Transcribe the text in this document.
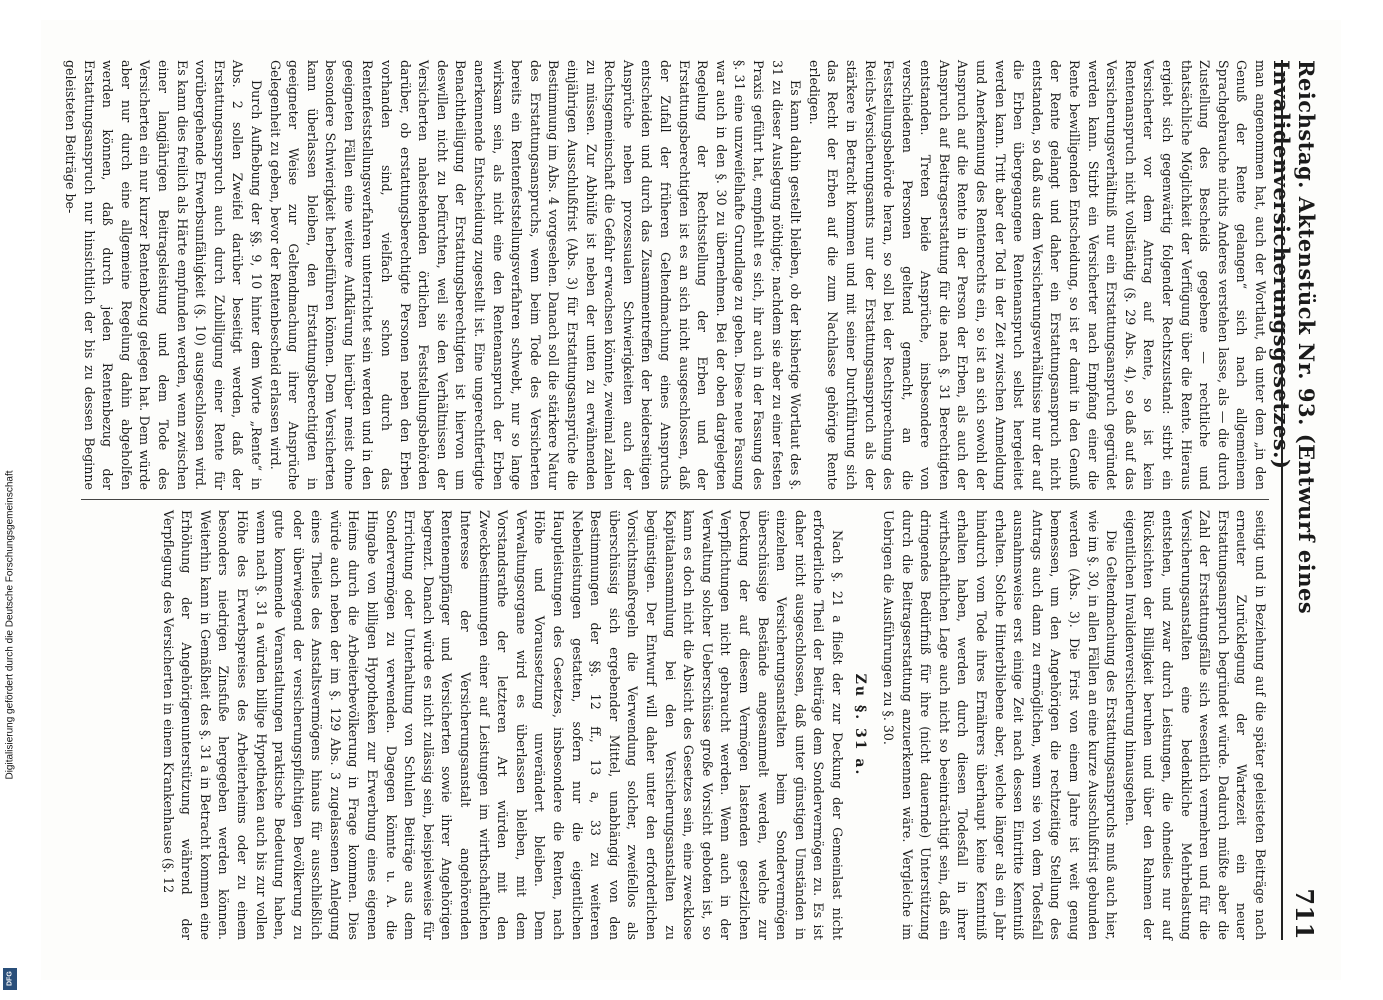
Reichstag. Aktenstück Nr. 93. (Entwurf eines Invalidenversicherungsgesetzes.)
711

man angenommen hat, auch der Wortlaut, da unter dem „in den Genuß der Rente gelangen“ sich nach allgemeinem Sprachgebrauche nichts Anderes verstehen lasse, als — die durch Zustellung des Bescheids gegebene — rechtliche und thatsächliche Möglichkeit der Verfügung über die Rente. Hieraus ergiebt sich gegenwärtig folgender Rechtszustand: stirbt ein Versicherter vor dem Antrag auf Rente, so ist kein Rentenanspruch nicht vollständig (§. 29 Abs. 4), so daß auf das Versicherungsverhältniß nur ein Erstattungsanspruch gegründet werden kann. Stirbt ein Versicherter nach Empfang einer die Rente bewilligenden Entscheidung, so ist er damit in den Genuß der Rente gelangt und daher ein Erstattungsanspruch nicht entstanden, so daß aus dem Versicherungsverhältnisse nur der auf die Erben übergegangene Rentenanspruch selbst hergeleitet werden kann. Tritt aber der Tod in der Zeit zwischen Anmeldung und Anerkennung des Rentenrechts ein, so ist an sich sowohl der Anspruch auf die Rente in der Person der Erben, als auch der Anspruch auf Beitragserstattung für die nach §. 31 Berechtigten entstanden. Treten beide Ansprüche, insbesondere von verschiedenen Personen geltend gemacht, an die Feststellungsbehörde heran, so soll bei der Rechtsprechung des Reichs-Versicherungsamts nur der Erstattungsanspruch als der stärkere in Betracht kommen und mit seiner Durchführung sich das Recht der Erben auf die zum Nachlasse gehörige Rente erledigen.

Es kann dahin gestellt bleiben, ob der bisherige Wortlaut des §. 31 zu dieser Auslegung nöthigte; nachdem sie aber zu einer festen Praxis geführt hat, empfiehlt es sich, ihr auch in der Fassung des §. 31 eine unzweifelhafte Grundlage zu geben. Diese neue Fassung war auch in den §. 30 zu übernehmen. Bei der oben dargelegten Regelung der Rechtsstellung der Erben und der Erstattungsberechtigten ist es an sich nicht ausgeschlossen, daß der Zufall der früheren Geltendmachung eines Anspruchs entscheiden und durch das Zusammentreffen der beiderseitigen Ansprüche neben prozessualen Schwierigkeiten auch der Rechtsgemeinschaft die Gefahr erwachsen könnte, zweimal zahlen zu müssen. Zur Abhülfe ist neben der unten zu erwähnenden einjährigen Ausschlußfrist (Abs. 3) für Erstattungsansprüche die Bestimmung im Abs. 4 vorgesehen. Danach soll die stärkere Natur des Erstattungsanspruchs, wenn beim Tode des Versicherten bereits ein Rentenfeststellungsverfahren schwebt, nur so lange wirksam sein, als nicht eine den Rentenanspruch der Erben anerkennende Entscheidung zugestellt ist. Eine ungerechtfertigte Benachtheiligung der Erstattungsberechtigten ist hiervon um deswillen nicht zu befürchten, weil sie den Verhältnissen der Versicherten nahestehenden örtlichen Feststellungsbehörden darüber, ob erstattungsberechtigte Personen neben den Erben vorhanden sind, vielfach schon durch das Rentenfeststellungsverfahren unterrichtet sein werden und in den geeigneten Fällen eine weitere Aufklärung hierüber meist ohne besondere Schwierigkeit herbeiführen können. Dem Versicherten kann überlassen bleiben, den Erstattungsberechtigten in geeigneter Weise zur Geltendmachung ihrer Ansprüche Gelegenheit zu geben, bevor der Rentenbescheid erlassen wird.

Durch Aufhebung der §§. 9, 10 hinter dem Worte „Rente“ in Abs. 2 sollen Zweifel darüber beseitigt werden, daß der Erstattungsanspruch auch durch Zubilligung einer Rente für vorübergehende Erwerbsunfähigkeit (§. 10) ausgeschlossen wird. Es kann dies freilich als Härte empfunden werden, wenn zwischen einer langjährigen Beitragsleistung und dem Tode des Versicherten ein nur kurzer Rentenbezug gelegen hat. Dem würde aber nur durch eine allgemeine Regelung dahin abgeholfen werden können, daß durch jeden Rentenbezug der Erstattungsanspruch nur hinsichtlich der bis zu dessen Beginne geleisteten Beiträge be-

seitigt und in Beziehung auf die später geleisteten Beiträge nach erneuter Zurücklegung der Wartezeit ein neuer Erstattungsanspruch begründet würde. Dadurch müßte aber die Zahl der Erstattungsfälle sich wesentlich vermehren und für die Versicherungsanstalten eine bedenkliche Mehrbelastung entstehen, und zwar durch Leistungen, die ohnedies nur auf Rücksichten der Billigkeit beruhen und über den Rahmen der eigentlichen Invalidenversicherung hinausgehen.

Die Geltendmachung des Erstattungsanspruchs muß auch hier, wie im §. 30, in allen Fällen an eine kurze Ausschlußfrist gebunden werden (Abs. 3). Die Frist von einem Jahre ist weit genug bemessen, um den Angehörigen die rechtzeitige Stellung des Antrags auch dann zu ermöglichen, wenn sie von dem Todesfall ausnahmsweise erst einige Zeit nach dessen Eintritte Kenntniß erhalten. Solche Hinterbliebene aber, welche länger als ein Jahr hindurch vom Tode ihres Ernährers überhaupt keine Kenntniß erhalten haben, werden durch diesen Todesfall in ihrer wirthschaftlichen Lage auch nicht so beeinträchtigt sein, daß ein dringendes Bedürfniß für ihre (nicht dauernde) Unterstützung durch die Beitragserstattung anzuerkennen wäre. Vergleiche im Uebrigen die Ausführungen zu §. 30.

Zu §. 31 a.

Nach §. 21 a fließt der zur Deckung der Gemeinlast nicht erforderliche Theil der Beiträge dem Sondervermögen zu. Es ist daher nicht ausgeschlossen, daß unter günstigen Umständen in einzelnen Versicherungsanstalten beim Sondervermögen überschüssige Bestände angesammelt werden, welche zur Deckung der auf diesem Vermögen lastenden gesetzlichen Verpflichtungen nicht gebraucht werden. Wenn auch in der Verwaltung solcher Ueberschüsse große Vorsicht geboten ist, so kann es doch nicht die Absicht des Gesetzes sein, eine zwecklose Kapitalansammlung bei den Versicherungsanstalten zu begünstigen. Der Entwurf will daher unter den erforderlichen Vorsichtsmaßregeln die Verwendung solcher, zweifellos als überschüssig sich ergebender Mittel, unabhängig von den Bestimmungen der §§. 12 ff., 13 a, 33 zu weiteren Nebenleistungen gestatten, sofern nur die eigentlichen Hauptleistungen des Gesetzes, insbesondere die Renten, nach Höhe und Voraussetzung unverändert bleiben. Dem Verwaltungsorgane wird es überlassen bleiben, mit dem Vorstandsrathe der letzteren Art würden mit den Zweckbestimmungen einer auf Leistungen im wirthschaftlichen Interesse der Versicherungsanstalt angehörenden Rentenempfänger und Versicherten sowie ihrer Angehörigen begrenzt. Danach würde es nicht zulässig sein, beispielsweise für Errichtung oder Unterhaltung von Schulen Beiträge aus dem Sondervermögen zu verwenden. Dagegen könnte u. A. die Hingabe von billigen Hypotheken zur Erwerbung eines eigenen Heims durch die Arbeiterbevölkerung in Frage kommen. Dies würde auch neben der im §. 129 Abs. 3 zugelassenen Anlegung eines Theiles des Anstaltsvermögens hinaus für ausschließlich oder überwiegend der versicherungspflichtigen Bevölkerung zu gute kommende Veranstaltungen praktische Bedeutung haben, wenn nach §. 31 a würden billige Hypotheken auch bis zur vollen Höhe des Erwerbspreises des Arbeiterheims oder zu einem besonders niedrigen Zinsfuße hergegeben werden können. Weiterhin kann in Gemäßheit des §. 31 a in Betracht kommen eine Erhöhung der Angehörigenunterstützung während der Verpflegung des Versicherten in einem Krankenhause (§. 12

Digitalisierung gefördert durch die Deutsche Forschungsgemeinschaft
DFG
